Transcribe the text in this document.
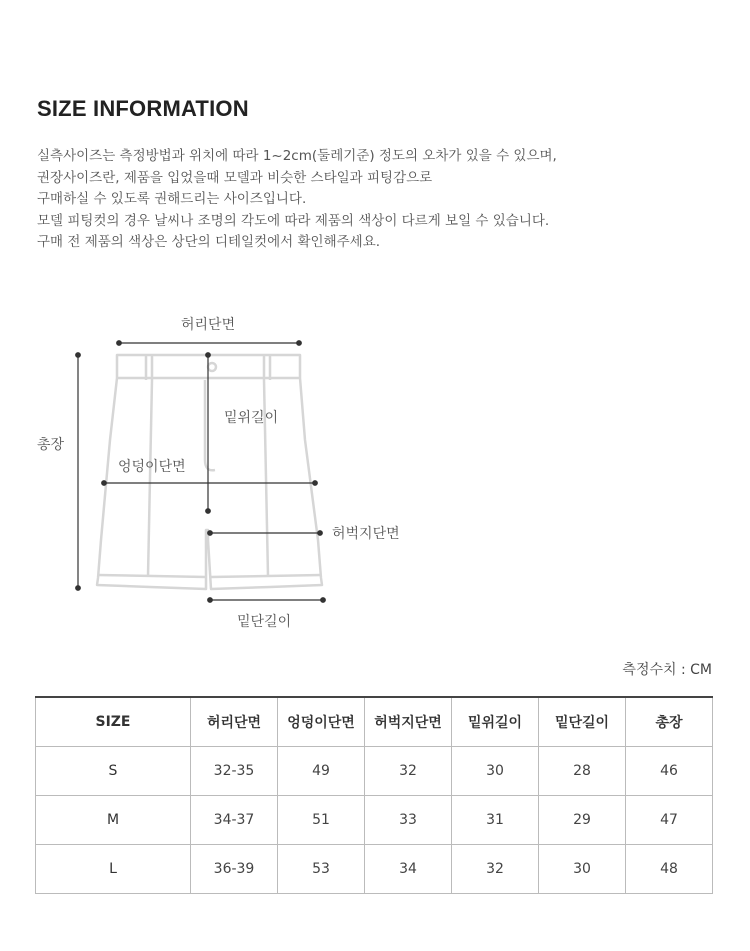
SIZE INFORMATION
실측사이즈는 측정방법과 위치에 따라 1~2cm(둘레기준) 정도의 오차가 있을 수 있으며,
권장사이즈란, 제품을 입었을때 모델과 비슷한 스타일과 피팅감으로
구매하실 수 있도록 권해드리는 사이즈입니다.
모델 피팅컷의 경우 날씨나 조명의 각도에 따라 제품의 색상이 다르게 보일 수 있습니다.
구매 전 제품의 색상은 상단의 디테일컷에서 확인해주세요.
허리단면
총장
밑위길이
엉덩이단면
허벅지단면
밑단길이
측정수치 : CM
SIZE	허리단면	엉덩이단면	허벅지단면	밑위길이	밑단길이	총장
S	32-35	49	32	30	28	46
M	34-37	51	33	31	29	47
L	36-39	53	34	32	30	48
